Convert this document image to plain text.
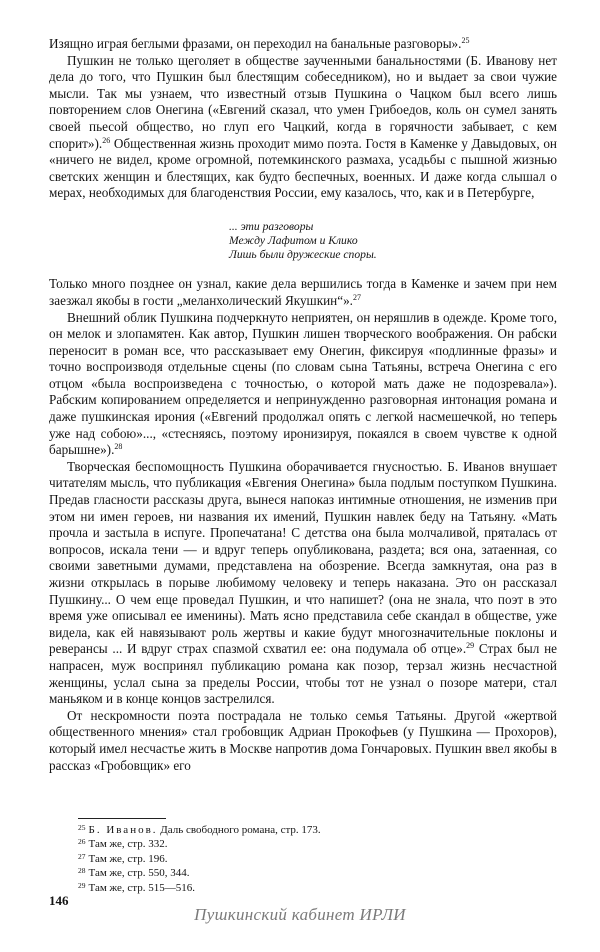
Изящно играя беглыми фразами, он переходил на банальные разговоры».$^{25}$

Пушкин не только щеголяет в обществе заученными банальностями (Б. Иванову нет дела до того, что Пушкин был блестящим собеседником), но и выдает за свои чужие мысли. Так мы узнаем, что известный отзыв Пушкина о Чацком был всего лишь повторением слов Онегина («Евгений сказал, что умен Грибоедов, коль он сумел занять своей пьесой общество, но глуп его Чацкий, когда в горячности забывает, с кем спорит»).$^{26}$ Общественная жизнь проходит мимо поэта. Гостя в Каменке у Давыдовых, он «ничего не видел, кроме огромной, потемкинского размаха, усадьбы с пышной жизнью светских женщин и блестящих, как будто беспечных, военных. И даже когда слышал о мерах, необходимых для благоденствия России, ему казалось, что, как и в Петербурге,

... эти разговоры
Между Лафитом и Клико
Лишь были дружеские споры.

Только много позднее он узнал, какие дела вершились тогда в Каменке и зачем при нем заезжал якобы в гости „меланхолический Якушкин“».$^{27}$

Внешний облик Пушкина подчеркнуто неприятен, он неряшлив в одежде. Кроме того, он мелок и злопамятен. Как автор, Пушкин лишен творческого воображения. Он рабски переносит в роман все, что рассказывает ему Онегин, фиксируя «подлинные фразы» и точно воспроизводя отдельные сцены (по словам сына Татьяны, встреча Онегина с его отцом «была воспроизведена с точностью, о которой мать даже не подозревала»). Рабским копированием определяется и непринужденно разговорная интонация романа и даже пушкинская ирония («Евгений продолжал опять с легкой насмешечкой, но теперь уже над собою»..., «стесняясь, поэтому иронизируя, покаялся в своем чувстве к одной барышне»).$^{28}$

Творческая беспомощность Пушкина оборачивается гнусностью. Б. Иванов внушает читателям мысль, что публикация «Евгения Онегина» была подлым поступком Пушкина. Предав гласности рассказы друга, вынеся напоказ интимные отношения, не изменив при этом ни имен героев, ни названия их имений, Пушкин навлек беду на Татьяну. «Мать прочла и застыла в испуге. Пропечатана! С детства она была молчаливой, пряталась от вопросов, искала тени — и вдруг теперь опубликована, раздета; вся она, затаенная, со своими заветными думами, представлена на обозрение. Всегда замкнутая, она раз в жизни открылась в порыве любимому человеку и теперь наказана. Это он рассказал Пушкину... О чем еще проведал Пушкин, и что напишет? (она не знала, что поэт в это время уже описывал ее именины). Мать ясно представила себе скандал в обществе, уже видела, как ей навязывают роль жертвы и какие будут многозначительные поклоны и реверансы ... И вдруг страх спазмой схватил ее: она подумала об отце».$^{29}$ Страх был не напрасен, муж воспринял публикацию романа как позор, терзал жизнь несчастной женщины, услал сына за пределы России, чтобы тот не узнал о позоре матери, стал маньяком и в конце концов застрелился.

От нескромности поэта пострадала не только семья Татьяны. Другой «жертвой общественного мнения» стал гробовщик Адриан Прокофьев (у Пушкина — Прохоров), который имел несчастье жить в Москве напротив дома Гончаровых. Пушкин ввел якобы в рассказ «Гробовщик» его

$^{25}$ Б. Иванов. Даль свободного романа, стр. 173.
$^{26}$ Там же, стр. 332.
$^{27}$ Там же, стр. 196.
$^{28}$ Там же, стр. 550, 344.
$^{29}$ Там же, стр. 515—516.
146
Пушкинский кабинет ИРЛИ
